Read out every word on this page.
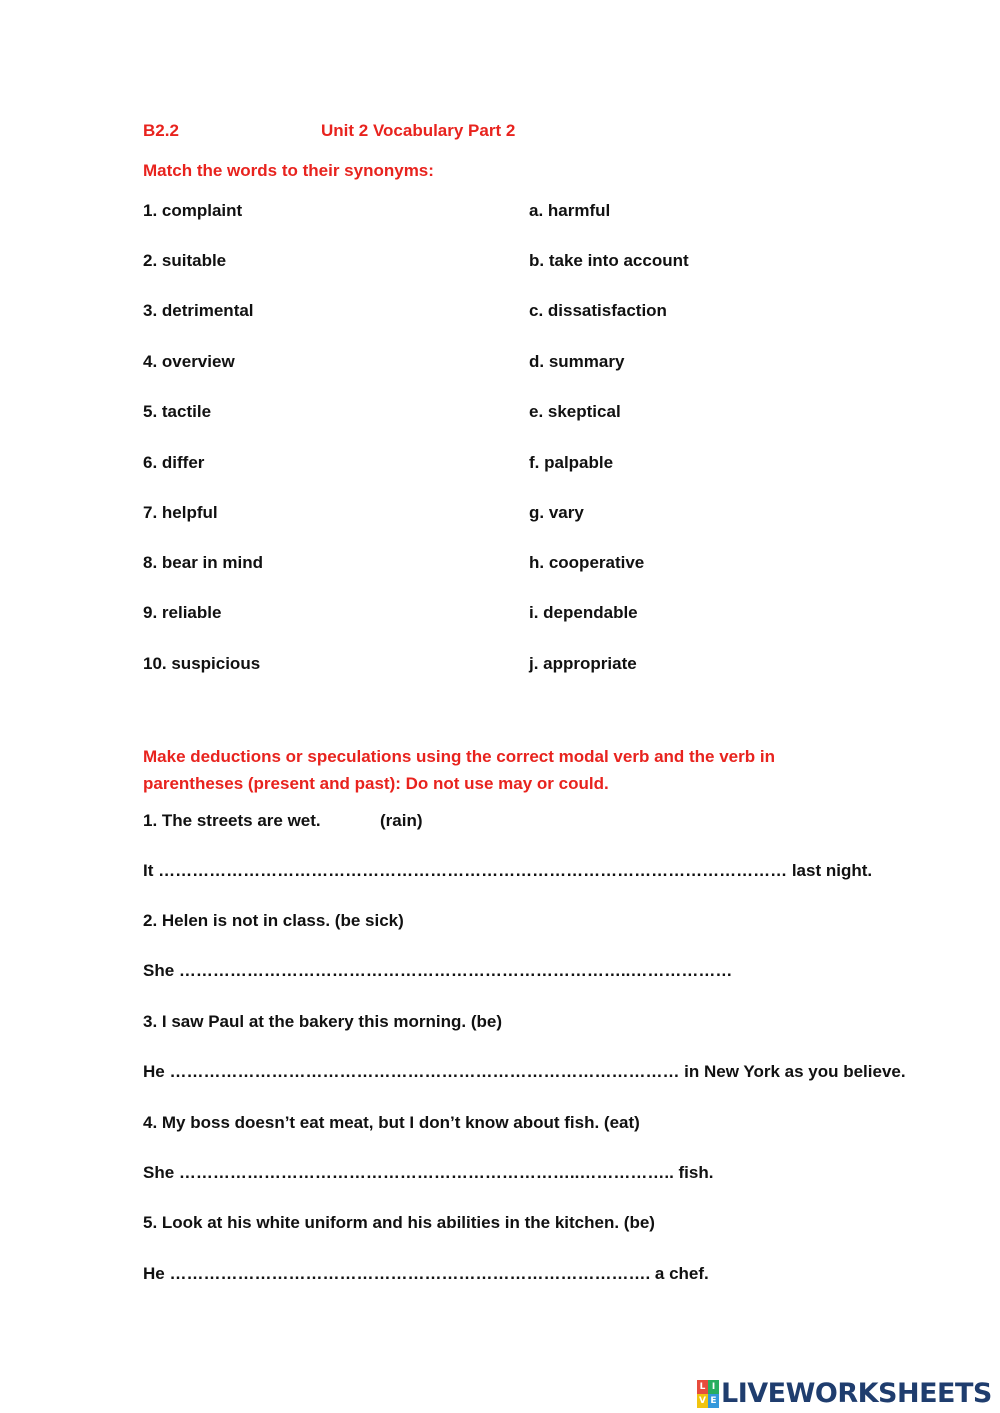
B2.2	Unit 2 Vocabulary Part 2
Match the words to their synonyms:
1. complaint
2. suitable
3. detrimental
4. overview
5. tactile
6. differ
7. helpful
8. bear in mind
9. reliable
10. suspicious
a. harmful
b. take into account
c. dissatisfaction
d. summary
e. skeptical
f. palpable
g. vary
h. cooperative
i. dependable
j. appropriate
Make deductions or speculations using the correct modal verb and the verb in parentheses (present and past): Do not use may or could.
1. The streets are wet.	(rain)
It ………………………………………………………………………………………………… last night.
2. Helen is not in class. (be sick)
She ……………………………………………………………………..………………
3. I saw Paul at the bakery this morning. (be)
He ……………………………………………………………………………… in New York as you believe.
4. My boss doesn’t eat meat, but I don’t know about fish. (eat)
She ……………………………………………………………..…………….. fish.
5. Look at his white uniform and his abilities in the kitchen. (be)
He …………………………………………………………………………. a chef.
L I
V E LIVEWORKSHEETS
